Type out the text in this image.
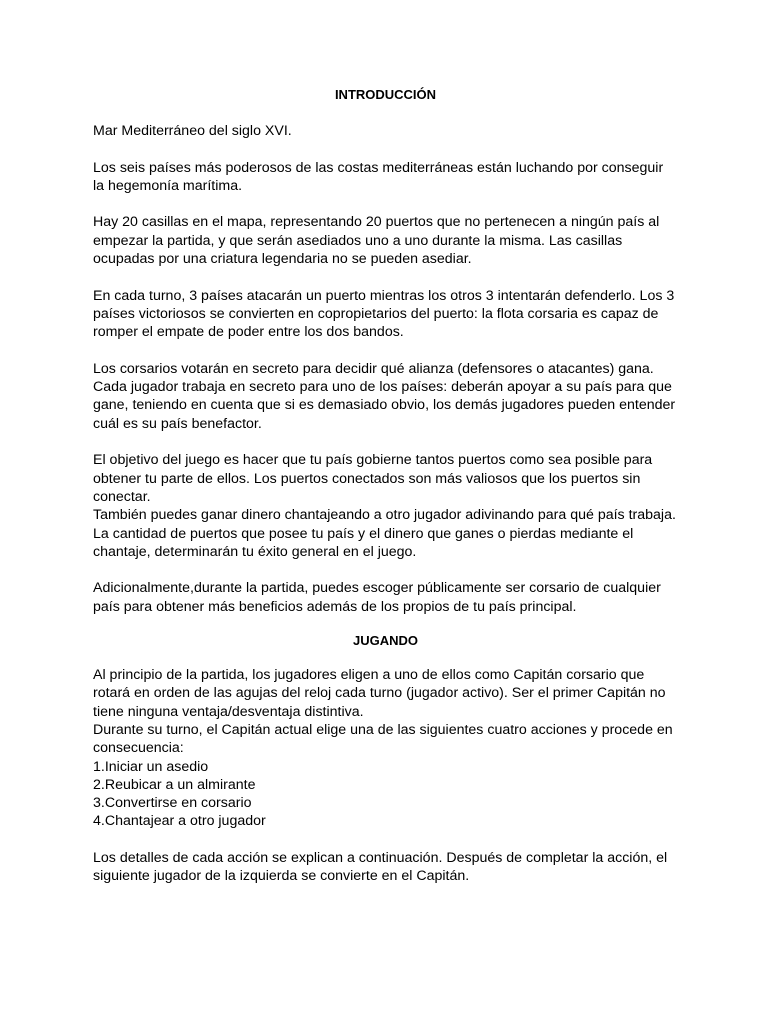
INTRODUCCIÓN

Mar Mediterráneo del siglo XVI.

Los seis países más poderosos de las costas mediterráneas están luchando por conseguir la hegemonía marítima.

Hay 20 casillas en el mapa, representando 20 puertos que no pertenecen a ningún país al empezar la partida, y que serán asediados uno a uno durante la misma. Las casillas ocupadas por una criatura legendaria no se pueden asediar.

En cada turno, 3 países atacarán un puerto mientras los otros 3 intentarán defenderlo. Los 3 países victoriosos se convierten en copropietarios del puerto: la flota corsaria es capaz de romper el empate de poder entre los dos bandos.

Los corsarios votarán en secreto para decidir qué alianza (defensores o atacantes) gana. Cada jugador trabaja en secreto para uno de los países: deberán apoyar a su país para que gane, teniendo en cuenta que si es demasiado obvio, los demás jugadores pueden entender cuál es su país benefactor.

El objetivo del juego es hacer que tu país gobierne tantos puertos como sea posible para obtener tu parte de ellos. Los puertos conectados son más valiosos que los puertos sin conectar.

También puedes ganar dinero chantajeando a otro jugador adivinando para qué país trabaja. La cantidad de puertos que posee tu país y el dinero que ganes o pierdas mediante el chantaje, determinarán tu éxito general en el juego.

Adicionalmente,durante la partida, puedes escoger públicamente ser corsario de cualquier país para obtener más beneficios además de los propios de tu país principal.

JUGANDO

Al principio de la partida, los jugadores eligen a uno de ellos como Capitán corsario que rotará en orden de las agujas del reloj cada turno (jugador activo). Ser el primer Capitán no tiene ninguna ventaja/desventaja distintiva.

Durante su turno, el Capitán actual elige una de las siguientes cuatro acciones y procede en consecuencia:

1.Iniciar un asedio
2.Reubicar a un almirante
3.Convertirse en corsario
4.Chantajear a otro jugador

Los detalles de cada acción se explican a continuación. Después de completar la acción, el siguiente jugador de la izquierda se convierte en el Capitán.
